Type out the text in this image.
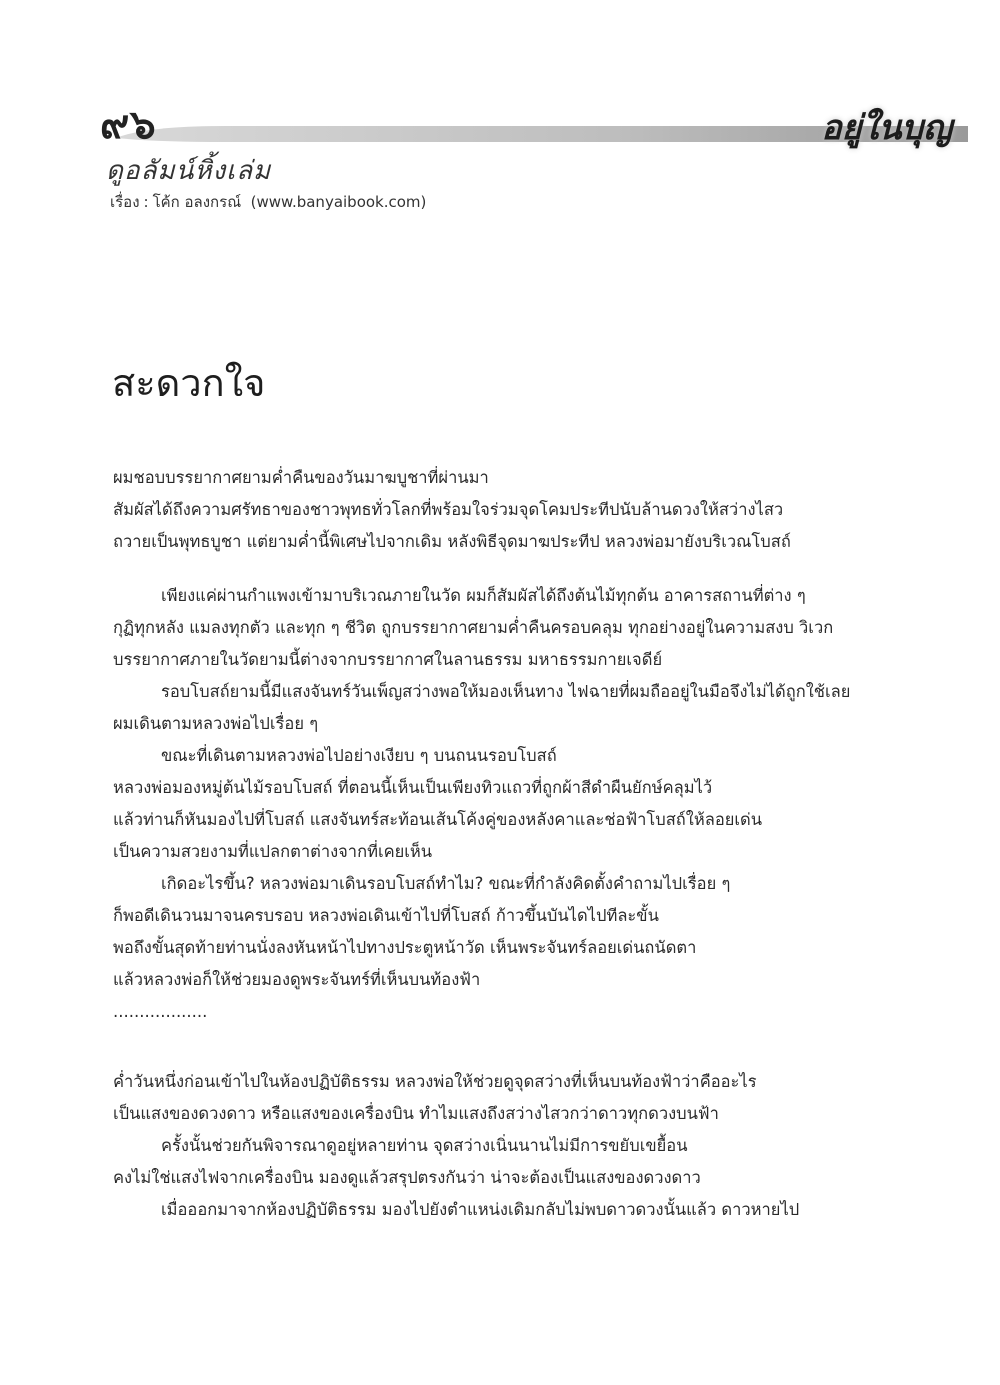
๙๖	อยู่ในบุญ
ดูอลัมน์หิ้งเล่ม
เรื่อง : โค้ก อลงกรณ์ (www.banyaibook.com)
สะดวกใจ
ผมชอบบรรยากาศยามค่ำคืนของวันมาฆบูชาที่ผ่านมา
สัมผัสได้ถึงความศรัทธาของชาวพุทธทั่วโลกที่พร้อมใจร่วมจุดโคมประทีปนับล้านดวงให้สว่างไสว
ถวายเป็นพุทธบูชา แต่ยามค่ำนี้พิเศษไปจากเดิม หลังพิธีจุดมาฆประทีป หลวงพ่อมายังบริเวณโบสถ์
เพียงแค่ผ่านกำแพงเข้ามาบริเวณภายในวัด ผมก็สัมผัสได้ถึงต้นไม้ทุกต้น อาคารสถานที่ต่าง ๆ
กุฏิทุกหลัง แมลงทุกตัว และทุก ๆ ชีวิต ถูกบรรยากาศยามค่ำคืนครอบคลุม ทุกอย่างอยู่ในความสงบ วิเวก
บรรยากาศภายในวัดยามนี้ต่างจากบรรยากาศในลานธรรม มหาธรรมกายเจดีย์
รอบโบสถ์ยามนี้มีแสงจันทร์วันเพ็ญสว่างพอให้มองเห็นทาง ไฟฉายที่ผมถืออยู่ในมือจึงไม่ได้ถูกใช้เลย
ผมเดินตามหลวงพ่อไปเรื่อย ๆ
ขณะที่เดินตามหลวงพ่อไปอย่างเงียบ ๆ บนถนนรอบโบสถ์
หลวงพ่อมองหมู่ต้นไม้รอบโบสถ์ ที่ตอนนี้เห็นเป็นเพียงทิวแถวที่ถูกผ้าสีดำผืนยักษ์คลุมไว้
แล้วท่านก็หันมองไปที่โบสถ์ แสงจันทร์สะท้อนเส้นโค้งคู่ของหลังคาและช่อฟ้าโบสถ์ให้ลอยเด่น
เป็นความสวยงามที่แปลกตาต่างจากที่เคยเห็น
เกิดอะไรขึ้น? หลวงพ่อมาเดินรอบโบสถ์ทำไม? ขณะที่กำลังคิดตั้งคำถามไปเรื่อย ๆ
ก็พอดีเดินวนมาจนครบรอบ หลวงพ่อเดินเข้าไปที่โบสถ์ ก้าวขึ้นบันไดไปทีละขั้น
พอถึงขั้นสุดท้ายท่านนั่งลงหันหน้าไปทางประตูหน้าวัด เห็นพระจันทร์ลอยเด่นถนัดตา
แล้วหลวงพ่อก็ให้ช่วยมองดูพระจันทร์ที่เห็นบนท้องฟ้า
..................
ค่ำวันหนึ่งก่อนเข้าไปในห้องปฏิบัติธรรม หลวงพ่อให้ช่วยดูจุดสว่างที่เห็นบนท้องฟ้าว่าคืออะไร
เป็นแสงของดวงดาว หรือแสงของเครื่องบิน ทำไมแสงถึงสว่างไสวกว่าดาวทุกดวงบนฟ้า
ครั้งนั้นช่วยกันพิจารณาดูอยู่หลายท่าน จุดสว่างเนิ่นนานไม่มีการขยับเขยื้อน
คงไม่ใช่แสงไฟจากเครื่องบิน มองดูแล้วสรุปตรงกันว่า น่าจะต้องเป็นแสงของดวงดาว
เมื่อออกมาจากห้องปฏิบัติธรรม มองไปยังตำแหน่งเดิมกลับไม่พบดาวดวงนั้นแล้ว ดาวหายไป
